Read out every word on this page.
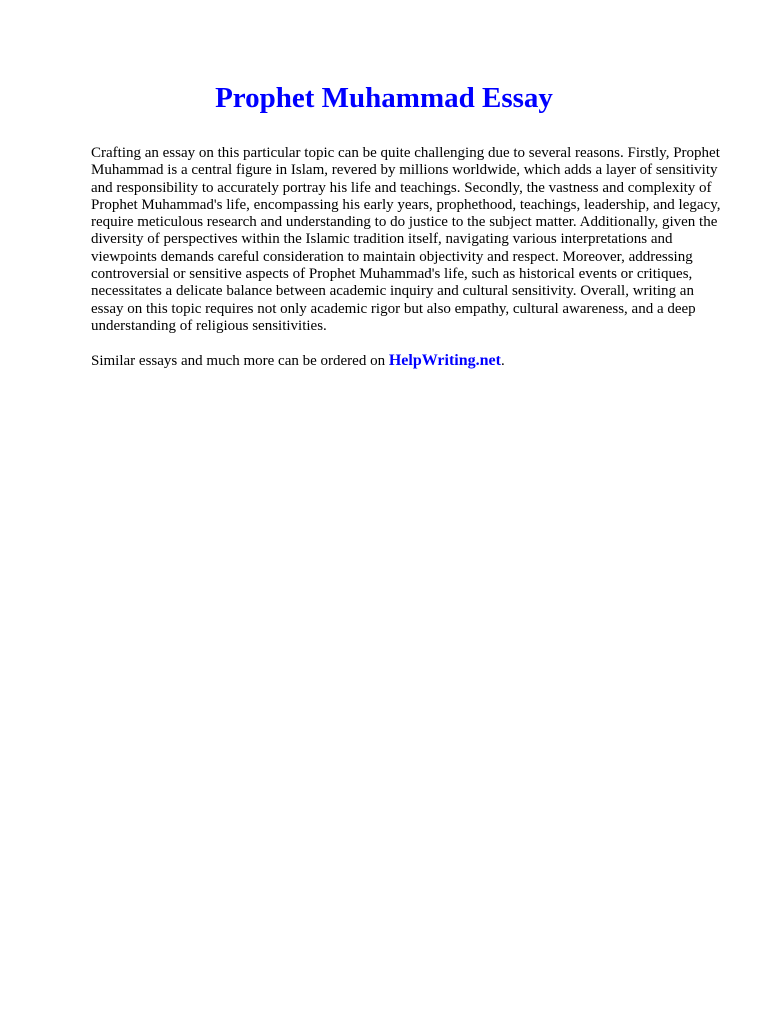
Prophet Muhammad Essay

Crafting an essay on this particular topic can be quite challenging due to several reasons. Firstly, Prophet Muhammad is a central figure in Islam, revered by millions worldwide, which adds a layer of sensitivity and responsibility to accurately portray his life and teachings. Secondly, the vastness and complexity of Prophet Muhammad's life, encompassing his early years, prophethood, teachings, leadership, and legacy, require meticulous research and understanding to do justice to the subject matter. Additionally, given the diversity of perspectives within the Islamic tradition itself, navigating various interpretations and viewpoints demands careful consideration to maintain objectivity and respect. Moreover, addressing controversial or sensitive aspects of Prophet Muhammad's life, such as historical events or critiques, necessitates a delicate balance between academic inquiry and cultural sensitivity. Overall, writing an essay on this topic requires not only academic rigor but also empathy, cultural awareness, and a deep understanding of religious sensitivities.

Similar essays and much more can be ordered on HelpWriting.net.
